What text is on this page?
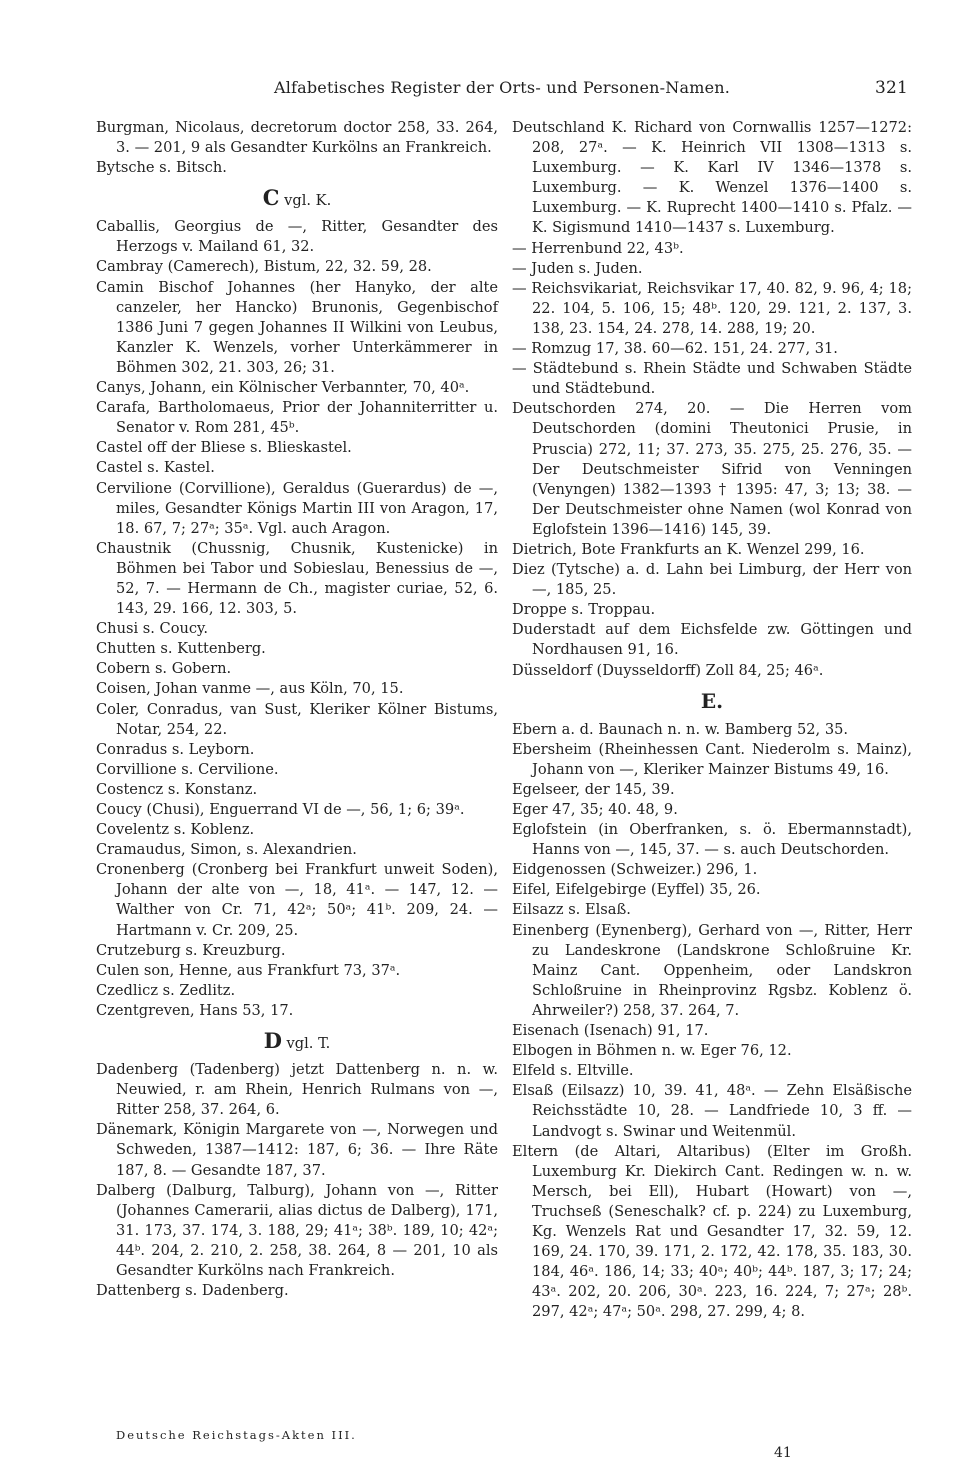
Alfabetisches Register der Orts- und Personen-Namen.	321

Burgman, Nicolaus, decretorum doctor 258, 33. 264, 3. — 201, 9 als Gesandter Kurkölns an Frankreich.

Bytsche s. Bitsch.

C vgl. K.

Caballis, Georgius de —, Ritter, Gesandter des Herzogs v. Mailand 61, 32.

Cambray (Camerech), Bistum, 22, 32. 59, 28.

Camin Bischof Johannes (her Hanyko, der alte canzeler, her Hancko) Brunonis, Gegenbischof 1386 Juni 7 gegen Johannes II Wilkini von Leubus, Kanzler K. Wenzels, vorher Unterkämmerer in Böhmen 302, 21. 303, 26; 31.

Canys, Johann, ein Kölnischer Verbannter, 70, 40ᵃ.

Carafa, Bartholomaeus, Prior der Johanniterritter u. Senator v. Rom 281, 45ᵇ.

Castel off der Bliese s. Blieskastel.

Castel s. Kastel.

Cervilione (Corvillione), Geraldus (Guerardus) de —, miles, Gesandter Königs Martin III von Aragon, 17, 18. 67, 7; 27ᵃ; 35ᵃ. Vgl. auch Aragon.

Chaustnik (Chussnig, Chusnik, Kustenicke) in Böhmen bei Tabor und Sobieslau, Benessius de —, 52, 7. — Hermann de Ch., magister curiae, 52, 6. 143, 29. 166, 12. 303, 5.

Chusi s. Coucy.

Chutten s. Kuttenberg.

Cobern s. Gobern.

Coisen, Johan vanme —, aus Köln, 70, 15.

Coler, Conradus, van Sust, Kleriker Kölner Bistums, Notar, 254, 22.

Conradus s. Leyborn.

Corvillione s. Cervilione.

Costencz s. Konstanz.

Coucy (Chusi), Enguerrand VI de —, 56, 1; 6; 39ᵃ.

Covelentz s. Koblenz.

Cramaudus, Simon, s. Alexandrien.

Cronenberg (Cronberg bei Frankfurt unweit Soden), Johann der alte von —, 18, 41ᵃ. — 147, 12. — Walther von Cr. 71, 42ᵃ; 50ᵃ; 41ᵇ. 209, 24. — Hartmann v. Cr. 209, 25.

Crutzeburg s. Kreuzburg.

Culen son, Henne, aus Frankfurt 73, 37ᵃ.

Czedlicz s. Zedlitz.

Czentgreven, Hans 53, 17.

D vgl. T.

Dadenberg (Tadenberg) jetzt Dattenberg n. n. w. Neuwied, r. am Rhein, Henrich Rulmans von —, Ritter 258, 37. 264, 6.

Dänemark, Königin Margarete von —, Norwegen und Schweden, 1387—1412: 187, 6; 36. — Ihre Räte 187, 8. — Gesandte 187, 37.

Dalberg (Dalburg, Talburg), Johann von —, Ritter (Johannes Camerarii, alias dictus de Dalberg), 171, 31. 173, 37. 174, 3. 188, 29; 41ᵃ; 38ᵇ. 189, 10; 42ᵃ; 44ᵇ. 204, 2. 210, 2. 258, 38. 264, 8 — 201, 10 als Gesandter Kurkölns nach Frankreich.

Dattenberg s. Dadenberg.

Deutschland K. Richard von Cornwallis 1257—1272: 208, 27ᵃ. — K. Heinrich VII 1308—1313 s. Luxemburg. — K. Karl IV 1346—1378 s. Luxemburg. — K. Wenzel 1376—1400 s. Luxemburg. — K. Ruprecht 1400—1410 s. Pfalz. — K. Sigismund 1410—1437 s. Luxemburg.

— Herrenbund 22, 43ᵇ.

— Juden s. Juden.

— Reichsvikariat, Reichsvikar 17, 40. 82, 9. 96, 4; 18; 22. 104, 5. 106, 15; 48ᵇ. 120, 29. 121, 2. 137, 3. 138, 23. 154, 24. 278, 14. 288, 19; 20.

— Romzug 17, 38. 60—62. 151, 24. 277, 31.

— Städtebund s. Rhein Städte und Schwaben Städte und Städtebund.

Deutschorden 274, 20. — Die Herren vom Deutschorden (domini Theutonici Prusie, in Pruscia) 272, 11; 37. 273, 35. 275, 25. 276, 35. — Der Deutschmeister Sifrid von Venningen (Venyngen) 1382—1393 † 1395: 47, 3; 13; 38. — Der Deutschmeister ohne Namen (wol Konrad von Eglofstein 1396—1416) 145, 39.

Dietrich, Bote Frankfurts an K. Wenzel 299, 16.

Diez (Tytsche) a. d. Lahn bei Limburg, der Herr von —, 185, 25.

Droppe s. Troppau.

Duderstadt auf dem Eichsfelde zw. Göttingen und Nordhausen 91, 16.

Düsseldorf (Duysseldorff) Zoll 84, 25; 46ᵃ.

E.

Ebern a. d. Baunach n. n. w. Bamberg 52, 35.

Ebersheim (Rheinhessen Cant. Niederolm s. Mainz), Johann von —, Kleriker Mainzer Bistums 49, 16.

Egelseer, der 145, 39.

Eger 47, 35; 40. 48, 9.

Eglofstein (in Oberfranken, s. ö. Ebermannstadt), Hanns von —, 145, 37. — s. auch Deutschorden.

Eidgenossen (Schweizer.) 296, 1.

Eifel, Eifelgebirge (Eyffel) 35, 26.

Eilsazz s. Elsaß.

Einenberg (Eynenberg), Gerhard von —, Ritter, Herr zu Landeskrone (Landskrone Schloßruine Kr. Mainz Cant. Oppenheim, oder Landskron Schloßruine in Rheinprovinz Rgsbz. Koblenz ö. Ahrweiler?) 258, 37. 264, 7.

Eisenach (Isenach) 91, 17.

Elbogen in Böhmen n. w. Eger 76, 12.

Elfeld s. Eltville.

Elsaß (Eilsazz) 10, 39. 41, 48ᵃ. — Zehn Elsäßische Reichsstädte 10, 28. — Landfriede 10, 3 ff. — Landvogt s. Swinar und Weitenmül.

Eltern (de Altari, Altaribus) (Elter im Großh. Luxemburg Kr. Diekirch Cant. Redingen w. n. w. Mersch, bei Ell), Hubart (Howart) von —, Truchseß (Seneschalk? cf. p. 224) zu Luxemburg, Kg. Wenzels Rat und Gesandter 17, 32. 59, 12. 169, 24. 170, 39. 171, 2. 172, 42. 178, 35. 183, 30. 184, 46ᵃ. 186, 14; 33; 40ᵃ; 40ᵇ; 44ᵇ. 187, 3; 17; 24; 43ᵃ. 202, 20. 206, 30ᵃ. 223, 16. 224, 7; 27ᵃ; 28ᵇ. 297, 42ᵃ; 47ᵃ; 50ᵃ. 298, 27. 299, 4; 8.

Deutsche Reichstags-Akten III.
41
